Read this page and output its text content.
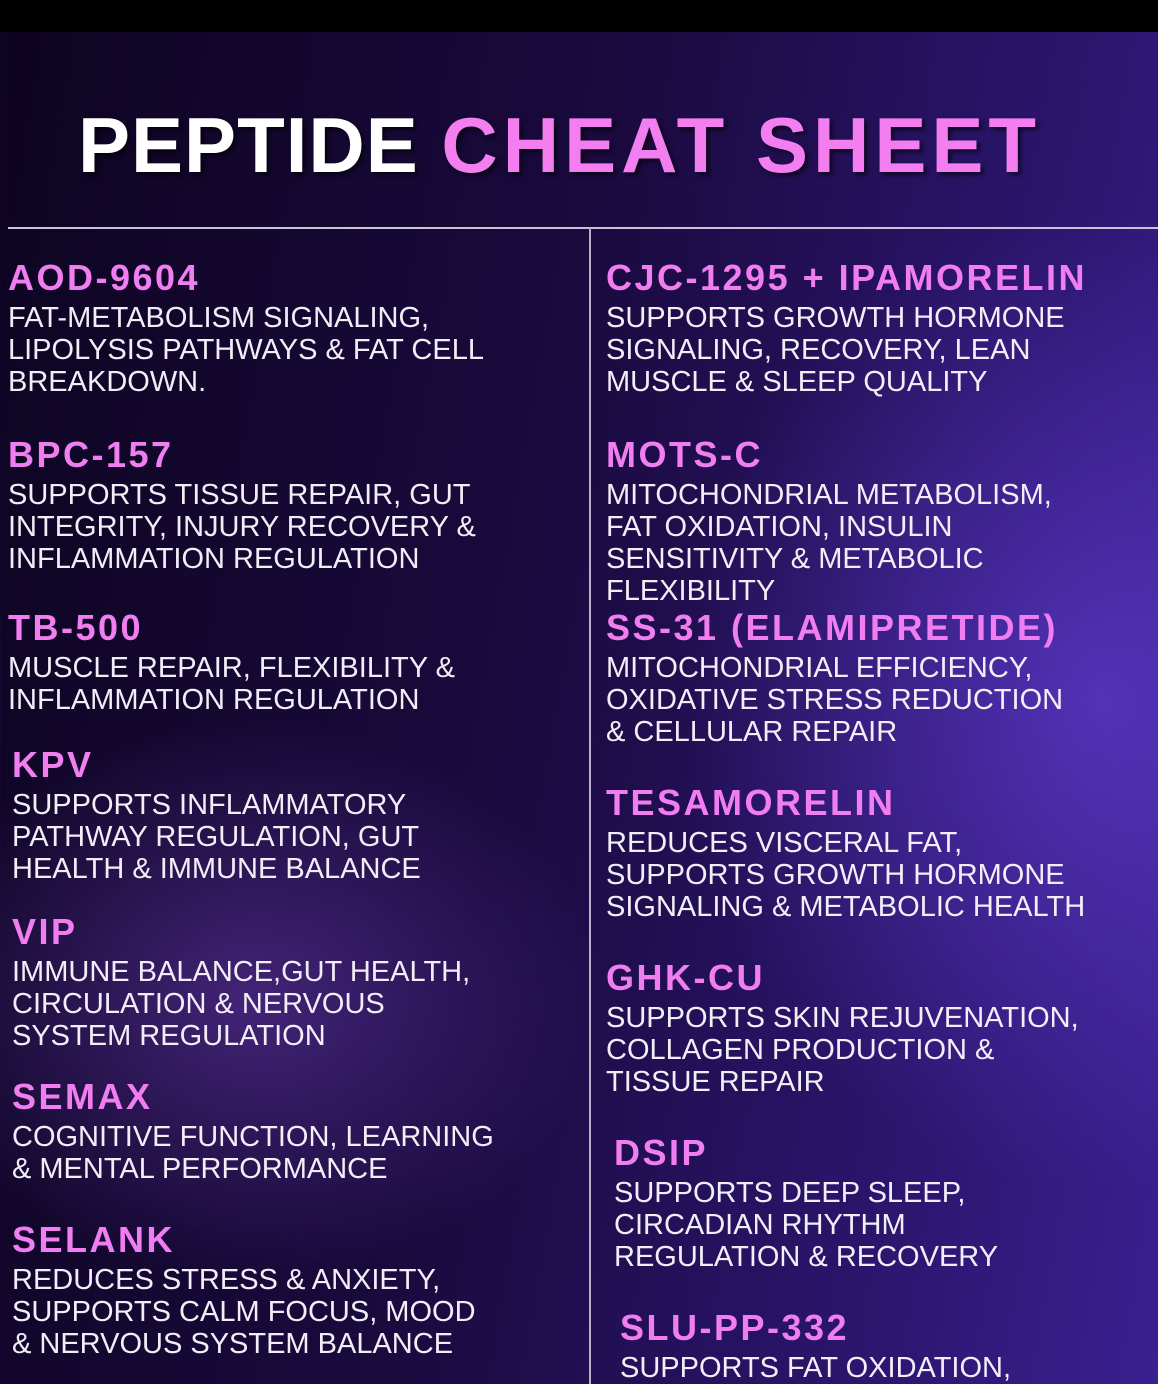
PEPTIDE CHEAT SHEET
AOD-9604
FAT-METABOLISM SIGNALING,
LIPOLYSIS PATHWAYS & FAT CELL
BREAKDOWN.
BPC-157
SUPPORTS TISSUE REPAIR, GUT
INTEGRITY, INJURY RECOVERY &
INFLAMMATION REGULATION
TB-500
MUSCLE REPAIR, FLEXIBILITY &
INFLAMMATION REGULATION
KPV
SUPPORTS INFLAMMATORY
PATHWAY REGULATION, GUT
HEALTH & IMMUNE BALANCE
VIP
IMMUNE BALANCE,GUT HEALTH,
CIRCULATION & NERVOUS
SYSTEM REGULATION
SEMAX
COGNITIVE FUNCTION, LEARNING
& MENTAL PERFORMANCE
SELANK
REDUCES STRESS & ANXIETY,
SUPPORTS CALM FOCUS, MOOD
& NERVOUS SYSTEM BALANCE
CJC-1295 + IPAMORELIN
SUPPORTS GROWTH HORMONE
SIGNALING, RECOVERY, LEAN
MUSCLE & SLEEP QUALITY
MOTS-C
MITOCHONDRIAL METABOLISM,
FAT OXIDATION, INSULIN
SENSITIVITY & METABOLIC
FLEXIBILITY
SS-31 (ELAMIPRETIDE)
MITOCHONDRIAL EFFICIENCY,
OXIDATIVE STRESS REDUCTION
& CELLULAR REPAIR
TESAMORELIN
REDUCES VISCERAL FAT,
SUPPORTS GROWTH HORMONE
SIGNALING & METABOLIC HEALTH
GHK-CU
SUPPORTS SKIN REJUVENATION,
COLLAGEN PRODUCTION &
TISSUE REPAIR
DSIP
SUPPORTS DEEP SLEEP,
CIRCADIAN RHYTHM
REGULATION & RECOVERY
SLU-PP-332
SUPPORTS FAT OXIDATION,
